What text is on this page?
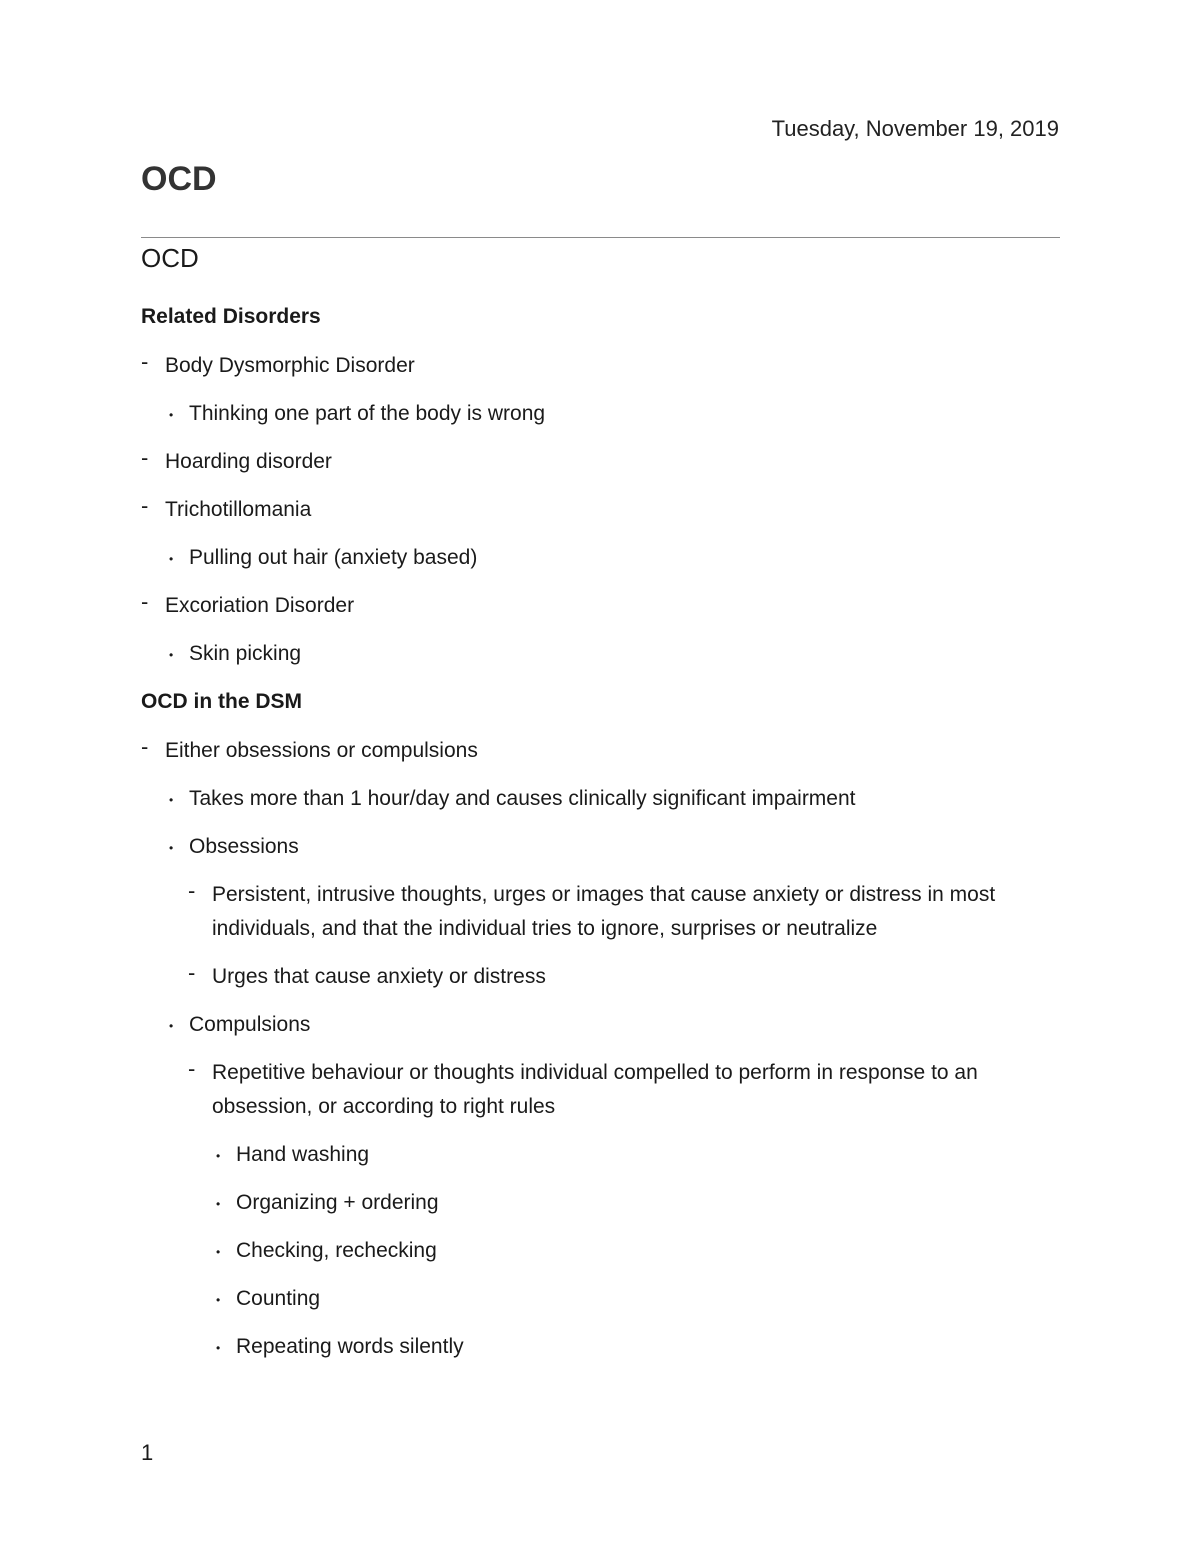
Tuesday, November 19, 2019
OCD
OCD
Related Disorders
- Body Dysmorphic Disorder
• Thinking one part of the body is wrong
- Hoarding disorder
- Trichotillomania
• Pulling out hair (anxiety based)
- Excoriation Disorder
• Skin picking
OCD in the DSM
- Either obsessions or compulsions
• Takes more than 1 hour/day and causes clinically significant impairment
• Obsessions
- Persistent, intrusive thoughts, urges or images that cause anxiety or distress in most individuals, and that the individual tries to ignore, surprises or neutralize
- Urges that cause anxiety or distress
• Compulsions
- Repetitive behaviour or thoughts individual compelled to perform in response to an obsession, or according to right rules
• Hand washing
• Organizing + ordering
• Checking, rechecking
• Counting
• Repeating words silently
1
